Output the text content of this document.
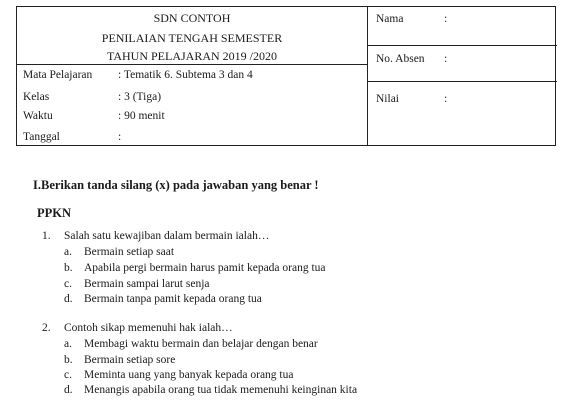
SDN CONTOH
PENILAIAN TENGAH SEMESTER
TAHUN PELAJARAN 2019 /2020
Nama	:
No. Absen :
Nilai	:
Mata Pelajaran : Tematik 6. Subtema 3 dan 4
Kelas	: 3 (Tiga)
Waktu	: 90 menit
Tanggal	:
I.Berikan tanda silang (x) pada jawaban yang benar !
PPKN
1. Salah satu kewajiban dalam bermain ialah…
a. Bermain setiap saat
b. Apabila pergi bermain harus pamit kepada orang tua
c. Bermain sampai larut senja
d. Bermain tanpa pamit kepada orang tua
2. Contoh sikap memenuhi hak ialah…
a. Membagi waktu bermain dan belajar dengan benar
b. Bermain setiap sore
c. Meminta uang yang banyak kepada orang tua
d. Menangis apabila orang tua tidak memenuhi keinginan kita
